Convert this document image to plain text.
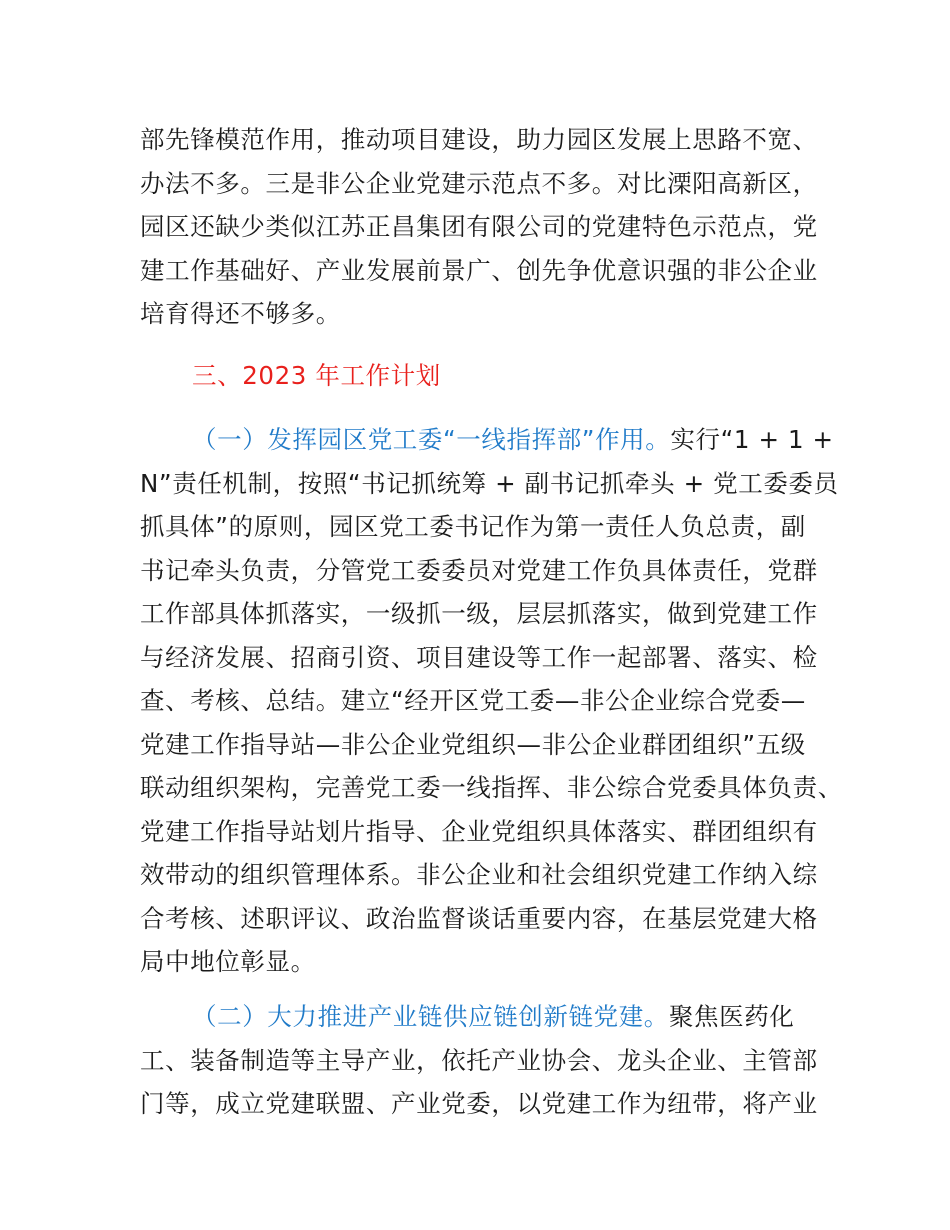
部先锋模范作用，推动项目建设，助力园区发展上思路不宽、
办法不多。三是非公企业党建示范点不多。对比溧阳高新区，
园区还缺少类似江苏正昌集团有限公司的党建特色示范点，党
建工作基础好、产业发展前景广、创先争优意识强的非公企业
培育得还不够多。

三、2023 年工作计划

（一）发挥园区党工委“一线指挥部”作用。实行“1 + 1 +
N”责任机制，按照“书记抓统筹 + 副书记抓牵头 + 党工委委员
抓具体”的原则，园区党工委书记作为第一责任人负总责，副
书记牵头负责，分管党工委委员对党建工作负具体责任，党群
工作部具体抓落实，一级抓一级，层层抓落实，做到党建工作
与经济发展、招商引资、项目建设等工作一起部署、落实、检
查、考核、总结。建立“经开区党工委—非公企业综合党委—
党建工作指导站—非公企业党组织—非公企业群团组织”五级
联动组织架构，完善党工委一线指挥、非公综合党委具体负责、
党建工作指导站划片指导、企业党组织具体落实、群团组织有
效带动的组织管理体系。非公企业和社会组织党建工作纳入综
合考核、述职评议、政治监督谈话重要内容，在基层党建大格
局中地位彰显。

（二）大力推进产业链供应链创新链党建。聚焦医药化
工、装备制造等主导产业，依托产业协会、龙头企业、主管部
门等，成立党建联盟、产业党委，以党建工作为纽带，将产业
